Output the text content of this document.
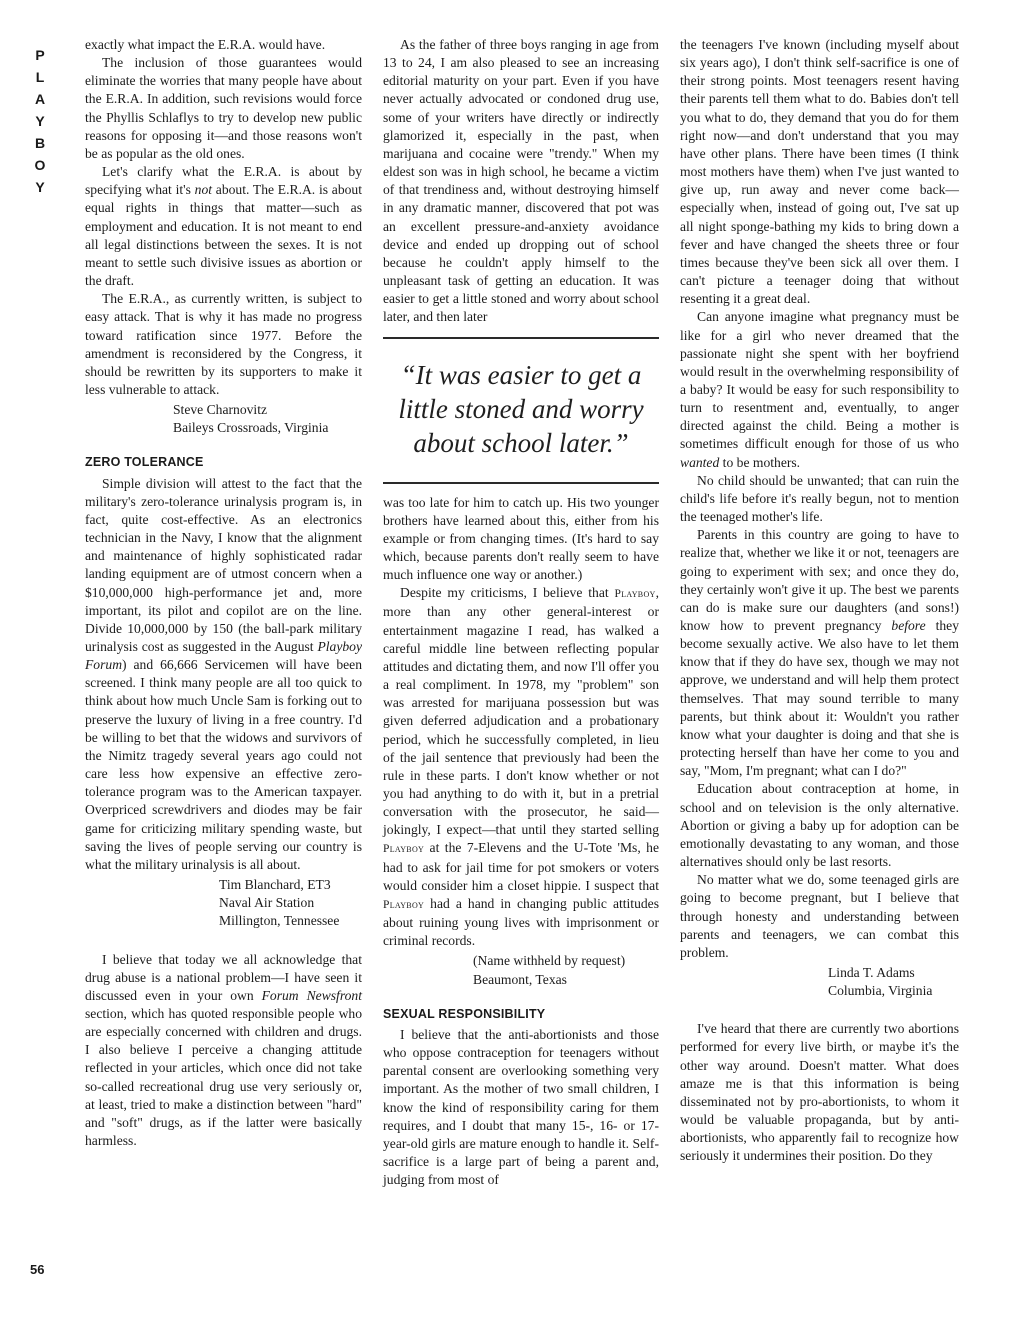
P
L
A
Y
B
O
Y
56

exactly what impact the E.R.A. would have.

The inclusion of those guarantees would eliminate the worries that many people have about the E.R.A. In addition, such revisions would force the Phyllis Schlaflys to try to develop new public reasons for opposing it—and those reasons won't be as popular as the old ones.

Let's clarify what the E.R.A. is about by specifying what it's not about. The E.R.A. is about equal rights in things that matter—such as employment and education. It is not meant to end all legal distinctions between the sexes. It is not meant to settle such divisive issues as abortion or the draft.

The E.R.A., as currently written, is subject to easy attack. That is why it has made no progress toward ratification since 1977. Before the amendment is reconsidered by the Congress, it should be rewritten by its supporters to make it less vulnerable to attack.

Steve Charnovitz
Baileys Crossroads, Virginia
ZERO TOLERANCE

Simple division will attest to the fact that the military's zero-tolerance urinalysis program is, in fact, quite cost-effective. As an electronics technician in the Navy, I know that the alignment and maintenance of highly sophisticated radar landing equipment are of utmost concern when a $10,000,000 high-performance jet and, more important, its pilot and copilot are on the line. Divide 10,000,000 by 150 (the ball-park military urinalysis cost as suggested in the August Playboy Forum) and 66,666 Servicemen will have been screened. I think many people are all too quick to think about how much Uncle Sam is forking out to preserve the luxury of living in a free country. I'd be willing to bet that the widows and survivors of the Nimitz tragedy several years ago could not care less how expensive an effective zero-tolerance program was to the American taxpayer. Overpriced screwdrivers and diodes may be fair game for criticizing military spending waste, but saving the lives of people serving our country is what the military urinalysis is all about.

Tim Blanchard, ET3
Naval Air Station
Millington, Tennessee

I believe that today we all acknowledge that drug abuse is a national problem—I have seen it discussed even in your own Forum Newsfront section, which has quoted responsible people who are especially concerned with children and drugs. I also believe I perceive a changing attitude reflected in your articles, which once did not take so-called recreational drug use very seriously or, at least, tried to make a distinction between "hard" and "soft" drugs, as if the latter were basically harmless.

As the father of three boys ranging in age from 13 to 24, I am also pleased to see an increasing editorial maturity on your part. Even if you have never actually advocated or condoned drug use, some of your writers have directly or indirectly glamorized it, especially in the past, when marijuana and cocaine were "trendy." When my eldest son was in high school, he became a victim of that trendiness and, without destroying himself in any dramatic manner, discovered that pot was an excellent pressure-and-anxiety avoidance device and ended up dropping out of school because he couldn't apply himself to the unpleasant task of getting an education. It was easier to get a little stoned and worry about school later, and then later

“It was easier to get a little stoned and worry about school later.”

was too late for him to catch up. His two younger brothers have learned about this, either from his example or from changing times. (It's hard to say which, because parents don't really seem to have much influence one way or another.)

Despite my criticisms, I believe that Playboy, more than any other general-interest or entertainment magazine I read, has walked a careful middle line between reflecting popular attitudes and dictating them, and now I'll offer you a real compliment. In 1978, my "problem" son was arrested for marijuana possession but was given deferred adjudication and a probationary period, which he successfully completed, in lieu of the jail sentence that previously had been the rule in these parts. I don't know whether or not you had anything to do with it, but in a pretrial conversation with the prosecutor, he said—jokingly, I expect—that until they started selling Playboy at the 7-Elevens and the U-Tote 'Ms, he had to ask for jail time for pot smokers or voters would consider him a closet hippie. I suspect that Playboy had a hand in changing public attitudes about ruining young lives with imprisonment or criminal records.

(Name withheld by request)
Beaumont, Texas
SEXUAL RESPONSIBILITY

I believe that the anti-abortionists and those who oppose contraception for teenagers without parental consent are overlooking something very important. As the mother of two small children, I know the kind of responsibility caring for them requires, and I doubt that many 15-, 16- or 17-year-old girls are mature enough to handle it. Self-sacrifice is a large part of being a parent and, judging from most of

the teenagers I've known (including myself about six years ago), I don't think self-sacrifice is one of their strong points. Most teenagers resent having their parents tell them what to do. Babies don't tell you what to do, they demand that you do for them right now—and don't understand that you may have other plans. There have been times (I think most mothers have them) when I've just wanted to give up, run away and never come back—especially when, instead of going out, I've sat up all night sponge-bathing my kids to bring down a fever and have changed the sheets three or four times because they've been sick all over them. I can't picture a teenager doing that without resenting it a great deal.

Can anyone imagine what pregnancy must be like for a girl who never dreamed that the passionate night she spent with her boyfriend would result in the overwhelming responsibility of a baby? It would be easy for such responsibility to turn to resentment and, eventually, to anger directed against the child. Being a mother is sometimes difficult enough for those of us who wanted to be mothers.

No child should be unwanted; that can ruin the child's life before it's really begun, not to mention the teenaged mother's life.

Parents in this country are going to have to realize that, whether we like it or not, teenagers are going to experiment with sex; and once they do, they certainly won't give it up. The best we parents can do is make sure our daughters (and sons!) know how to prevent pregnancy before they become sexually active. We also have to let them know that if they do have sex, though we may not approve, we understand and will help them protect themselves. That may sound terrible to many parents, but think about it: Wouldn't you rather know what your daughter is doing and that she is protecting herself than have her come to you and say, "Mom, I'm pregnant; what can I do?"

Education about contraception at home, in school and on television is the only alternative. Abortion or giving a baby up for adoption can be emotionally devastating to any woman, and those alternatives should only be last resorts.

No matter what we do, some teenaged girls are going to become pregnant, but I believe that through honesty and understanding between parents and teenagers, we can combat this problem.

Linda T. Adams
Columbia, Virginia

I've heard that there are currently two abortions performed for every live birth, or maybe it's the other way around. Doesn't matter. What does amaze me is that this information is being disseminated not by pro-abortionists, to whom it would be valuable propaganda, but by anti-abortionists, who apparently fail to recognize how seriously it undermines their position. Do they
